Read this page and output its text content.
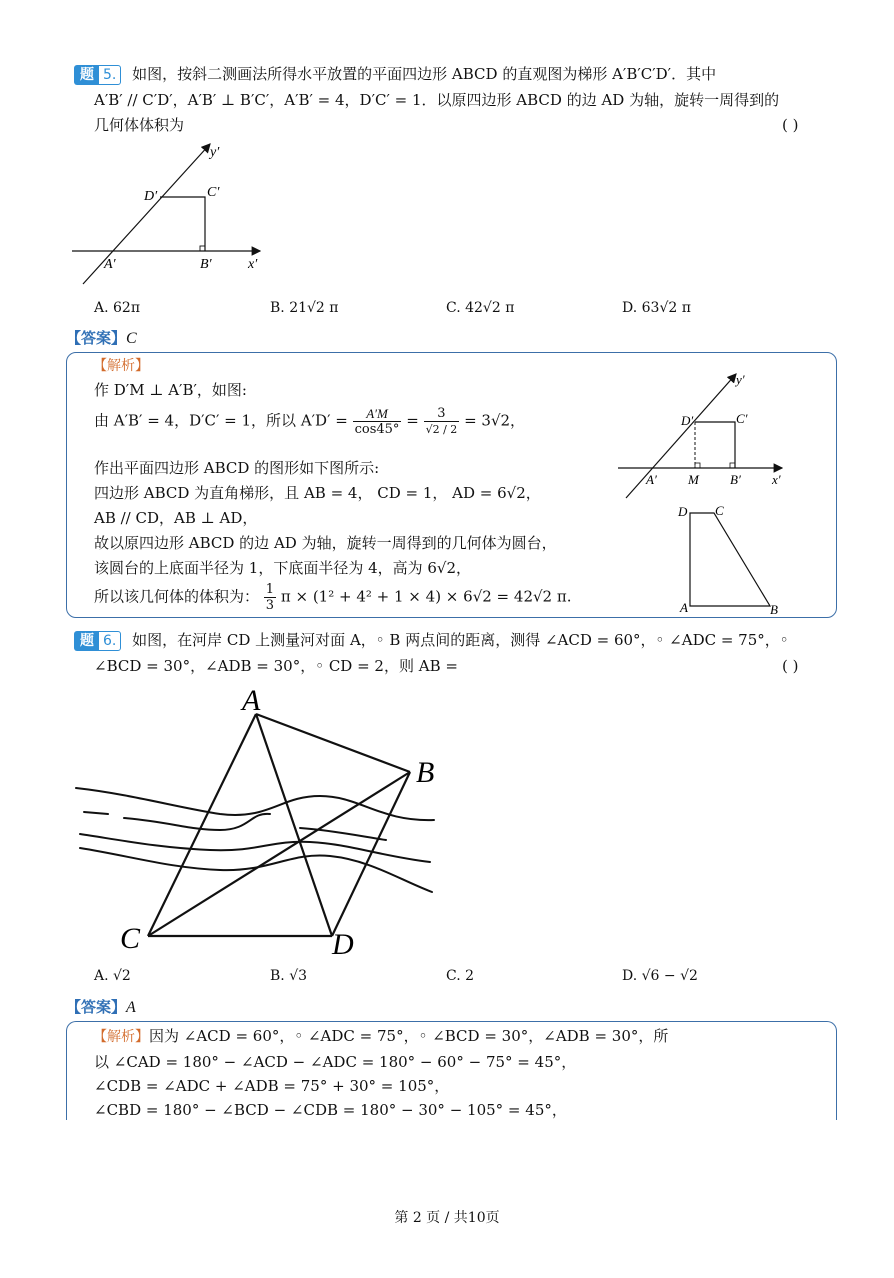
题 5. 如图，按斜二测画法所得水平放置的平面四边形 ABCD 的直观图为梯形 A′B′C′D′．其中
A′B′ // C′D′，A′B′ ⊥ B′C′，A′B′ = 4，D′C′ = 1．以原四边形 ABCD 的边 AD 为轴，旋转一周得到的
几何体体积为	( )
y′
x′
D′	C′
A′	B′
A. 62π	B. 21√2 π	C. 42√2 π	D. 63√2 π
【答案】C
【解析】
作 D′M ⊥ A′B′，如图:
由 A′B′ = 4，D′C′ = 1，所以 $A'D' = \frac{A'M}{\cos 45^\circ} = \frac{3}{√2 / 2} = 3√2$，
作出平面四边形 ABCD 的图形如下图所示:
四边形 ABCD 为直角梯形，且 AB = 4， CD = 1， AD = 6√2，
AB // CD，AB ⊥ AD，
故以原四边形 ABCD 的边 AD 为轴，旋转一周得到的几何体为圆台，
该圆台的上底面半径为 1，下底面半径为 4，高为 6√2，
所以该几何体的体积为： $\frac{1}{3}$ π × (1² + 4² + 1 × 4) × 6√2 = 42√2 π.
y′
x′
D′	C′
A′ M B′
D C
A	B
题 6. 如图，在河岸 CD 上测量河对面 A，◦ B 两点间的距离，测得 ∠ACD = 60°，◦ ∠ADC = 75°，◦
∠BCD = 30°，∠ADB = 30°，◦ CD = 2，则 AB =	( )
A
B
C	D
A. √2	B. √3	C. 2	D. √6 − √2
【答案】A
【解析】因为 ∠ACD = 60°，◦ ∠ADC = 75°，◦ ∠BCD = 30°，∠ADB = 30°，所
以 ∠CAD = 180° − ∠ACD − ∠ADC = 180° − 60° − 75° = 45°，
∠CDB = ∠ADC + ∠ADB = 75° + 30° = 105°，
∠CBD = 180° − ∠BCD − ∠CDB = 180° − 30° − 105° = 45°，
第 2 页 / 共10页
